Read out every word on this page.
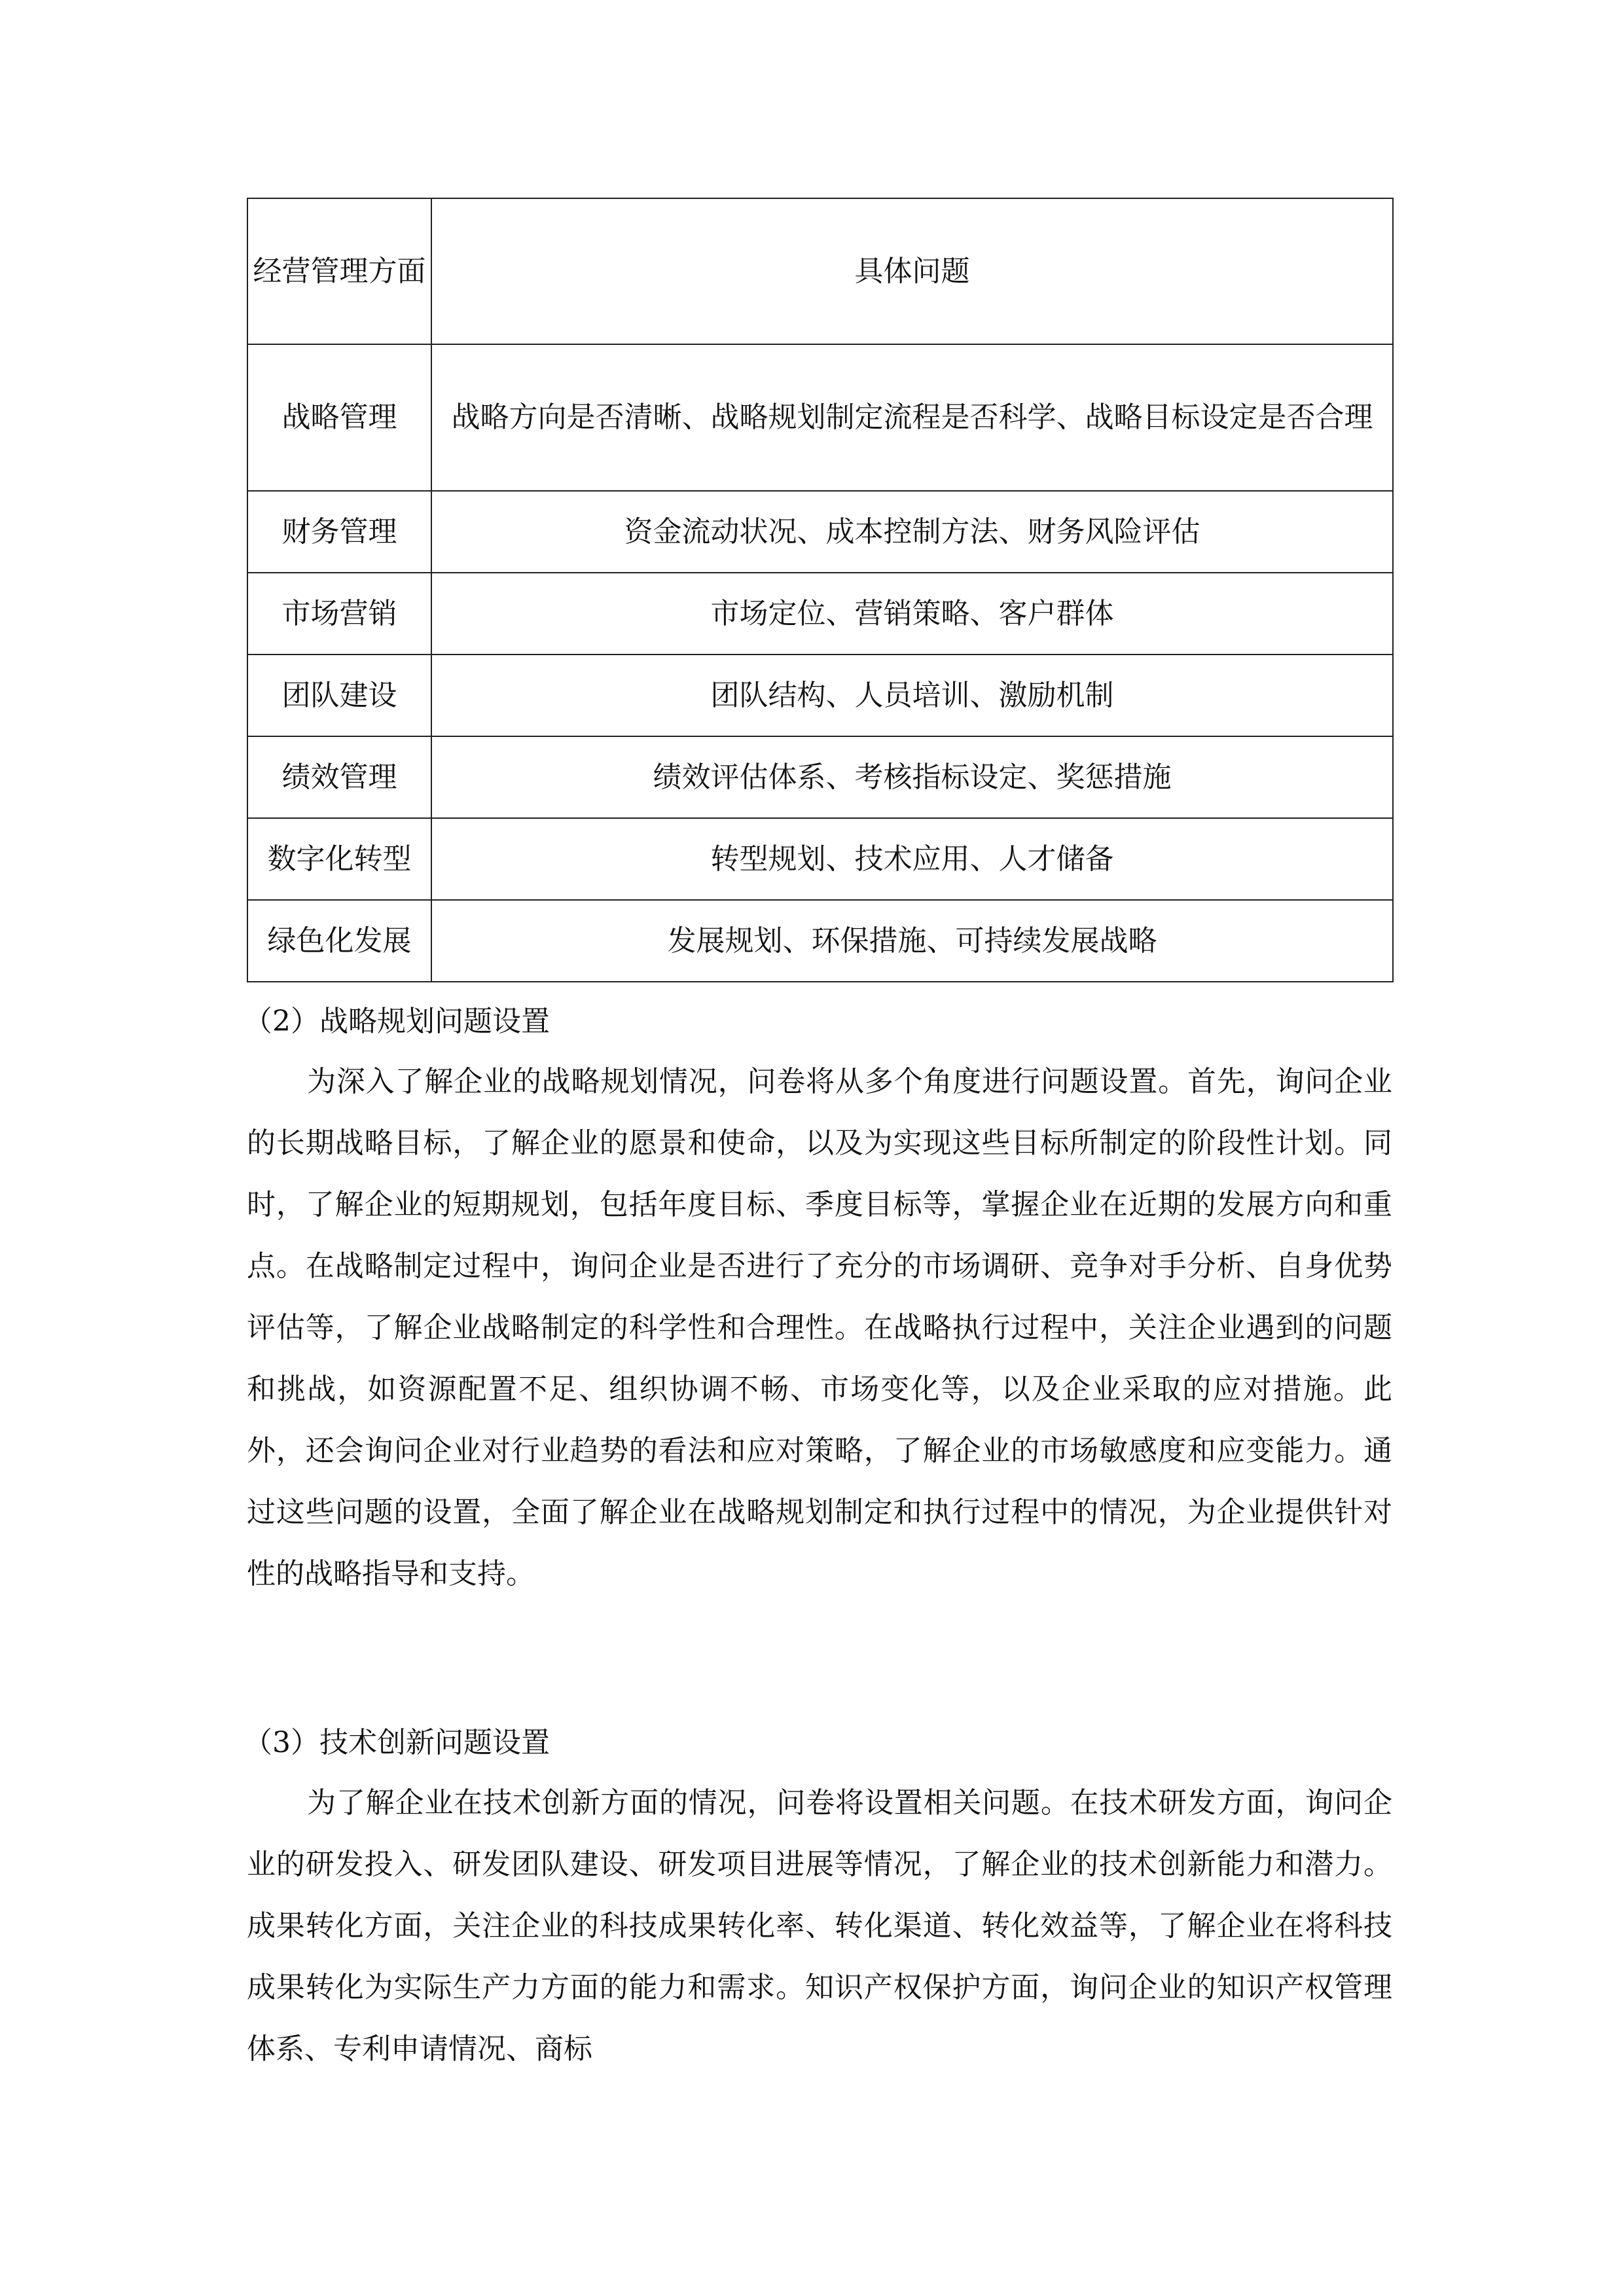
经营管理方面	具体问题
战略管理	战略方向是否清晰、战略规划制定流程是否科学、战略目标设定是否合理
财务管理	资金流动状况、成本控制方法、财务风险评估
市场营销	市场定位、营销策略、客户群体
团队建设	团队结构、人员培训、激励机制
绩效管理	绩效评估体系、考核指标设定、奖惩措施
数字化转型	转型规划、技术应用、人才储备
绿色化发展	发展规划、环保措施、可持续发展战略

（2）战略规划问题设置

为深入了解企业的战略规划情况，问卷将从多个角度进行问题设置。首先，询问企业的长期战略目标，了解企业的愿景和使命，以及为实现这些目标所制定的阶段性计划。同时，了解企业的短期规划，包括年度目标、季度目标等，掌握企业在近期的发展方向和重点。在战略制定过程中，询问企业是否进行了充分的市场调研、竞争对手分析、自身优势评估等，了解企业战略制定的科学性和合理性。在战略执行过程中，关注企业遇到的问题和挑战，如资源配置不足、组织协调不畅、市场变化等，以及企业采取的应对措施。此外，还会询问企业对行业趋势的看法和应对策略，了解企业的市场敏感度和应变能力。通过这些问题的设置，全面了解企业在战略规划制定和执行过程中的情况，为企业提供针对性的战略指导和支持。

（3）技术创新问题设置

为了解企业在技术创新方面的情况，问卷将设置相关问题。在技术研发方面，询问企业的研发投入、研发团队建设、研发项目进展等情况，了解企业的技术创新能力和潜力。成果转化方面，关注企业的科技成果转化率、转化渠道、转化效益等，了解企业在将科技成果转化为实际生产力方面的能力和需求。知识产权保护方面，询问企业的知识产权管理体系、专利申请情况、商标
